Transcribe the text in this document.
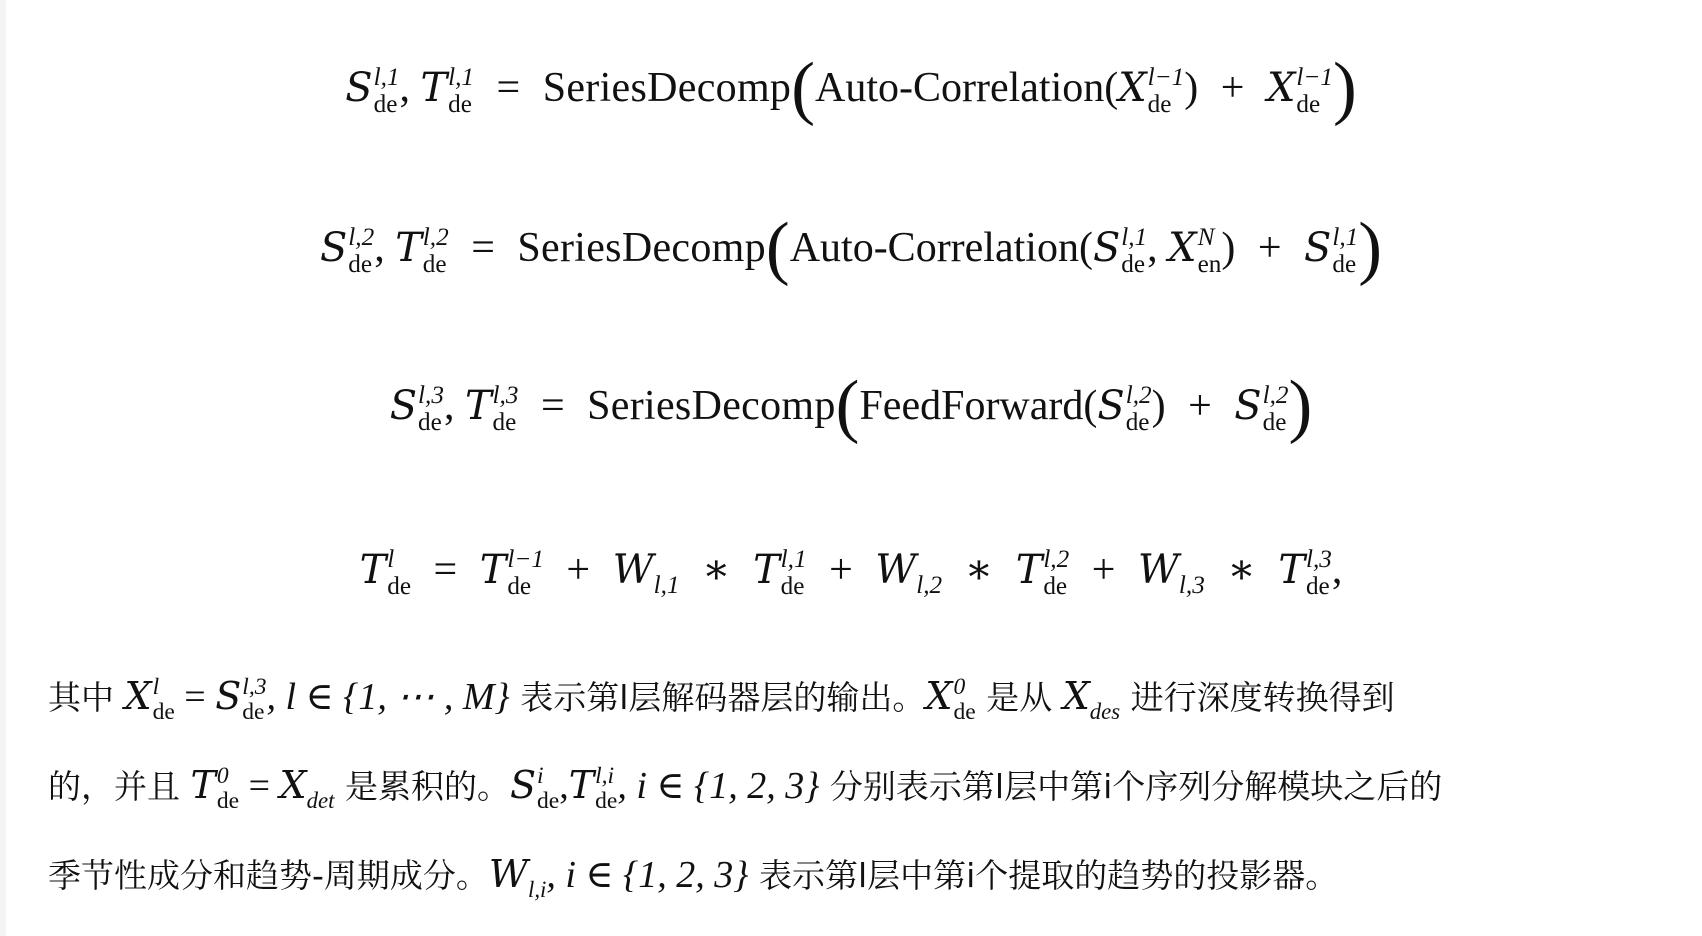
S l,1
de , T l,1
de = SeriesDecomp(Auto-Correlation(X l−1
de ) + X l−1
de )
S l,2
de , T l,2
de = SeriesDecomp(Auto-Correlation(S l,1
de , X N
en ) + S l,1
de )
S l,3
de , T l,3
de = SeriesDecomp(FeedForward(S l,2
de ) + S l,2
de )
T l
de = T l−1
de + $W_{l,1}$ ∗ T l,1
de + $W_{l,2}$ ∗ T l,2
de + $W_{l,3}$ ∗ T l,3
de ,
其中 X l
de = S l,3
de , l ∈ {1, ⋯ , M} 表示第l层解码器层的输出。X 0
de 是从 $X_{des}$ 进行深度转换得到
的，并且 T 0
de = $X_{det}$ 是累积的。S i
de ,T l,i
de , i ∈ {1, 2, 3} 分别表示第l层中第i个序列分解模块之后的
季节性成分和趋势-周期成分。$W_{l,i}$, i ∈ {1, 2, 3} 表示第l层中第i个提取的趋势的投影器。
